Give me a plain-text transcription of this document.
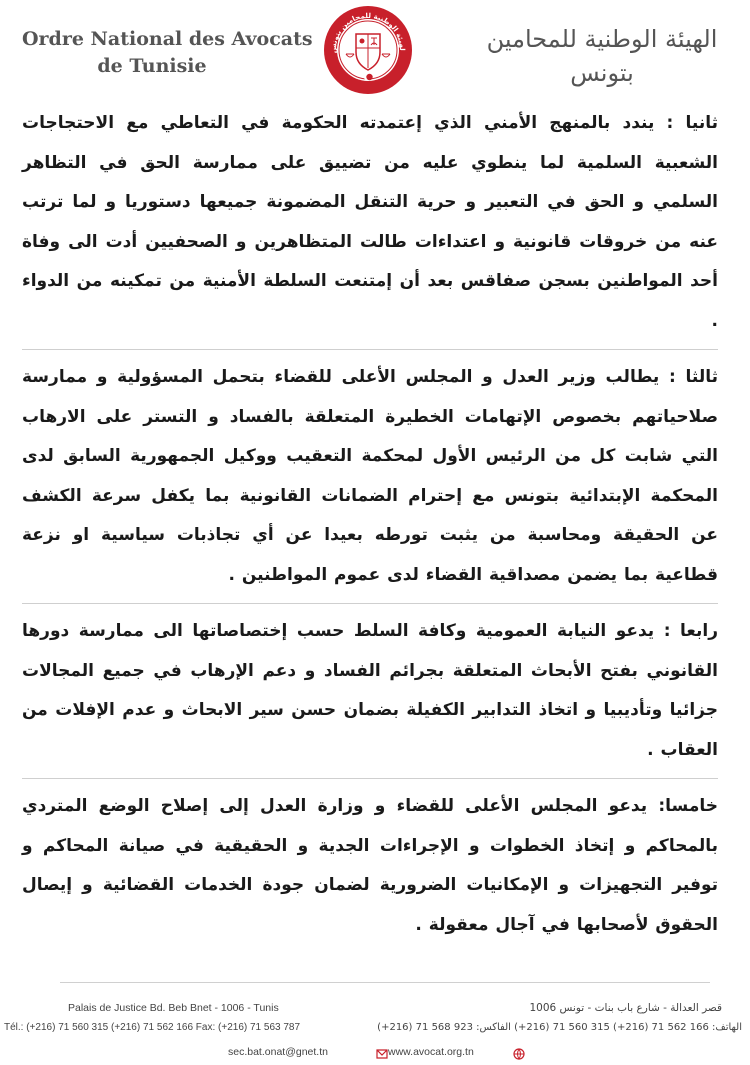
Ordre National des Avocats
de Tunisie
لهيئة الوطنية للمحامين بتونس	الهيئة الوطنية للمحامين
بتونس

ثانيا : يندد بالمنهج الأمني الذي إعتمدته الحكومة في التعاطي مع الاحتجاجات الشعبية السلمية لما ينطوي عليه من تضييق على ممارسة الحق في التظاهر السلمي و الحق في التعبير و حرية التنقل المضمونة جميعها دستوريا و لما ترتب عنه من خروقات قانونية و اعتداءات طالت المتظاهرين و الصحفيين أدت الى وفاة أحد المواطنين بسجن صفاقس بعد أن إمتنعت السلطة الأمنية من تمكينه من الدواء .

ثالثا : يطالب وزير العدل و المجلس الأعلى للقضاء بتحمل المسؤولية و ممارسة صلاحياتهم بخصوص الإتهامات الخطيرة المتعلقة بالفساد و التستر على الارهاب التي شابت كل من الرئيس الأول لمحكمة التعقيب ووكيل الجمهورية السابق لدى المحكمة الإبتدائية بتونس مع إحترام الضمانات القانونية بما يكفل سرعة الكشف عن الحقيقة ومحاسبة من يثبت تورطه بعيدا عن أي تجاذبات سياسية او نزعة قطاعية بما يضمن مصداقية القضاء لدى عموم المواطنين .

رابعا : يدعو النيابة العمومية وكافة السلط حسب إختصاصاتها الى ممارسة دورها القانوني بفتح الأبحاث المتعلقة بجرائم الفساد و دعم الإرهاب في جميع المجالات جزائيا وتأديبيا و اتخاذ التدابير الكفيلة بضمان حسن سير الابحاث و عدم الإفلات من العقاب .

خامسا: يدعو المجلس الأعلى للقضاء و وزارة العدل إلى إصلاح الوضع المتردي بالمحاكم و إتخاذ الخطوات و الإجراءات الجدية و الحقيقية في صيانة المحاكم و توفير التجهيزات و الإمكانيات الضرورية لضمان جودة الخدمات القضائية و إيصال الحقوق لأصحابها في آجال معقولة .

Palais de Justice Bd. Beb Bnet - 1006 - Tunis
Tél.: (+216) 71 560 315 (+216) 71 562 166 Fax: (+216) 71 563 787
قصر العدالة - شارع باب بنات - تونس 1006
الهاتف: 166 562 71 (216+) 315 560 71 (216+) الفاكس: 923 568 71 (216+)
sec.bat.onat@gnet.tn	www.avocat.org.tn
